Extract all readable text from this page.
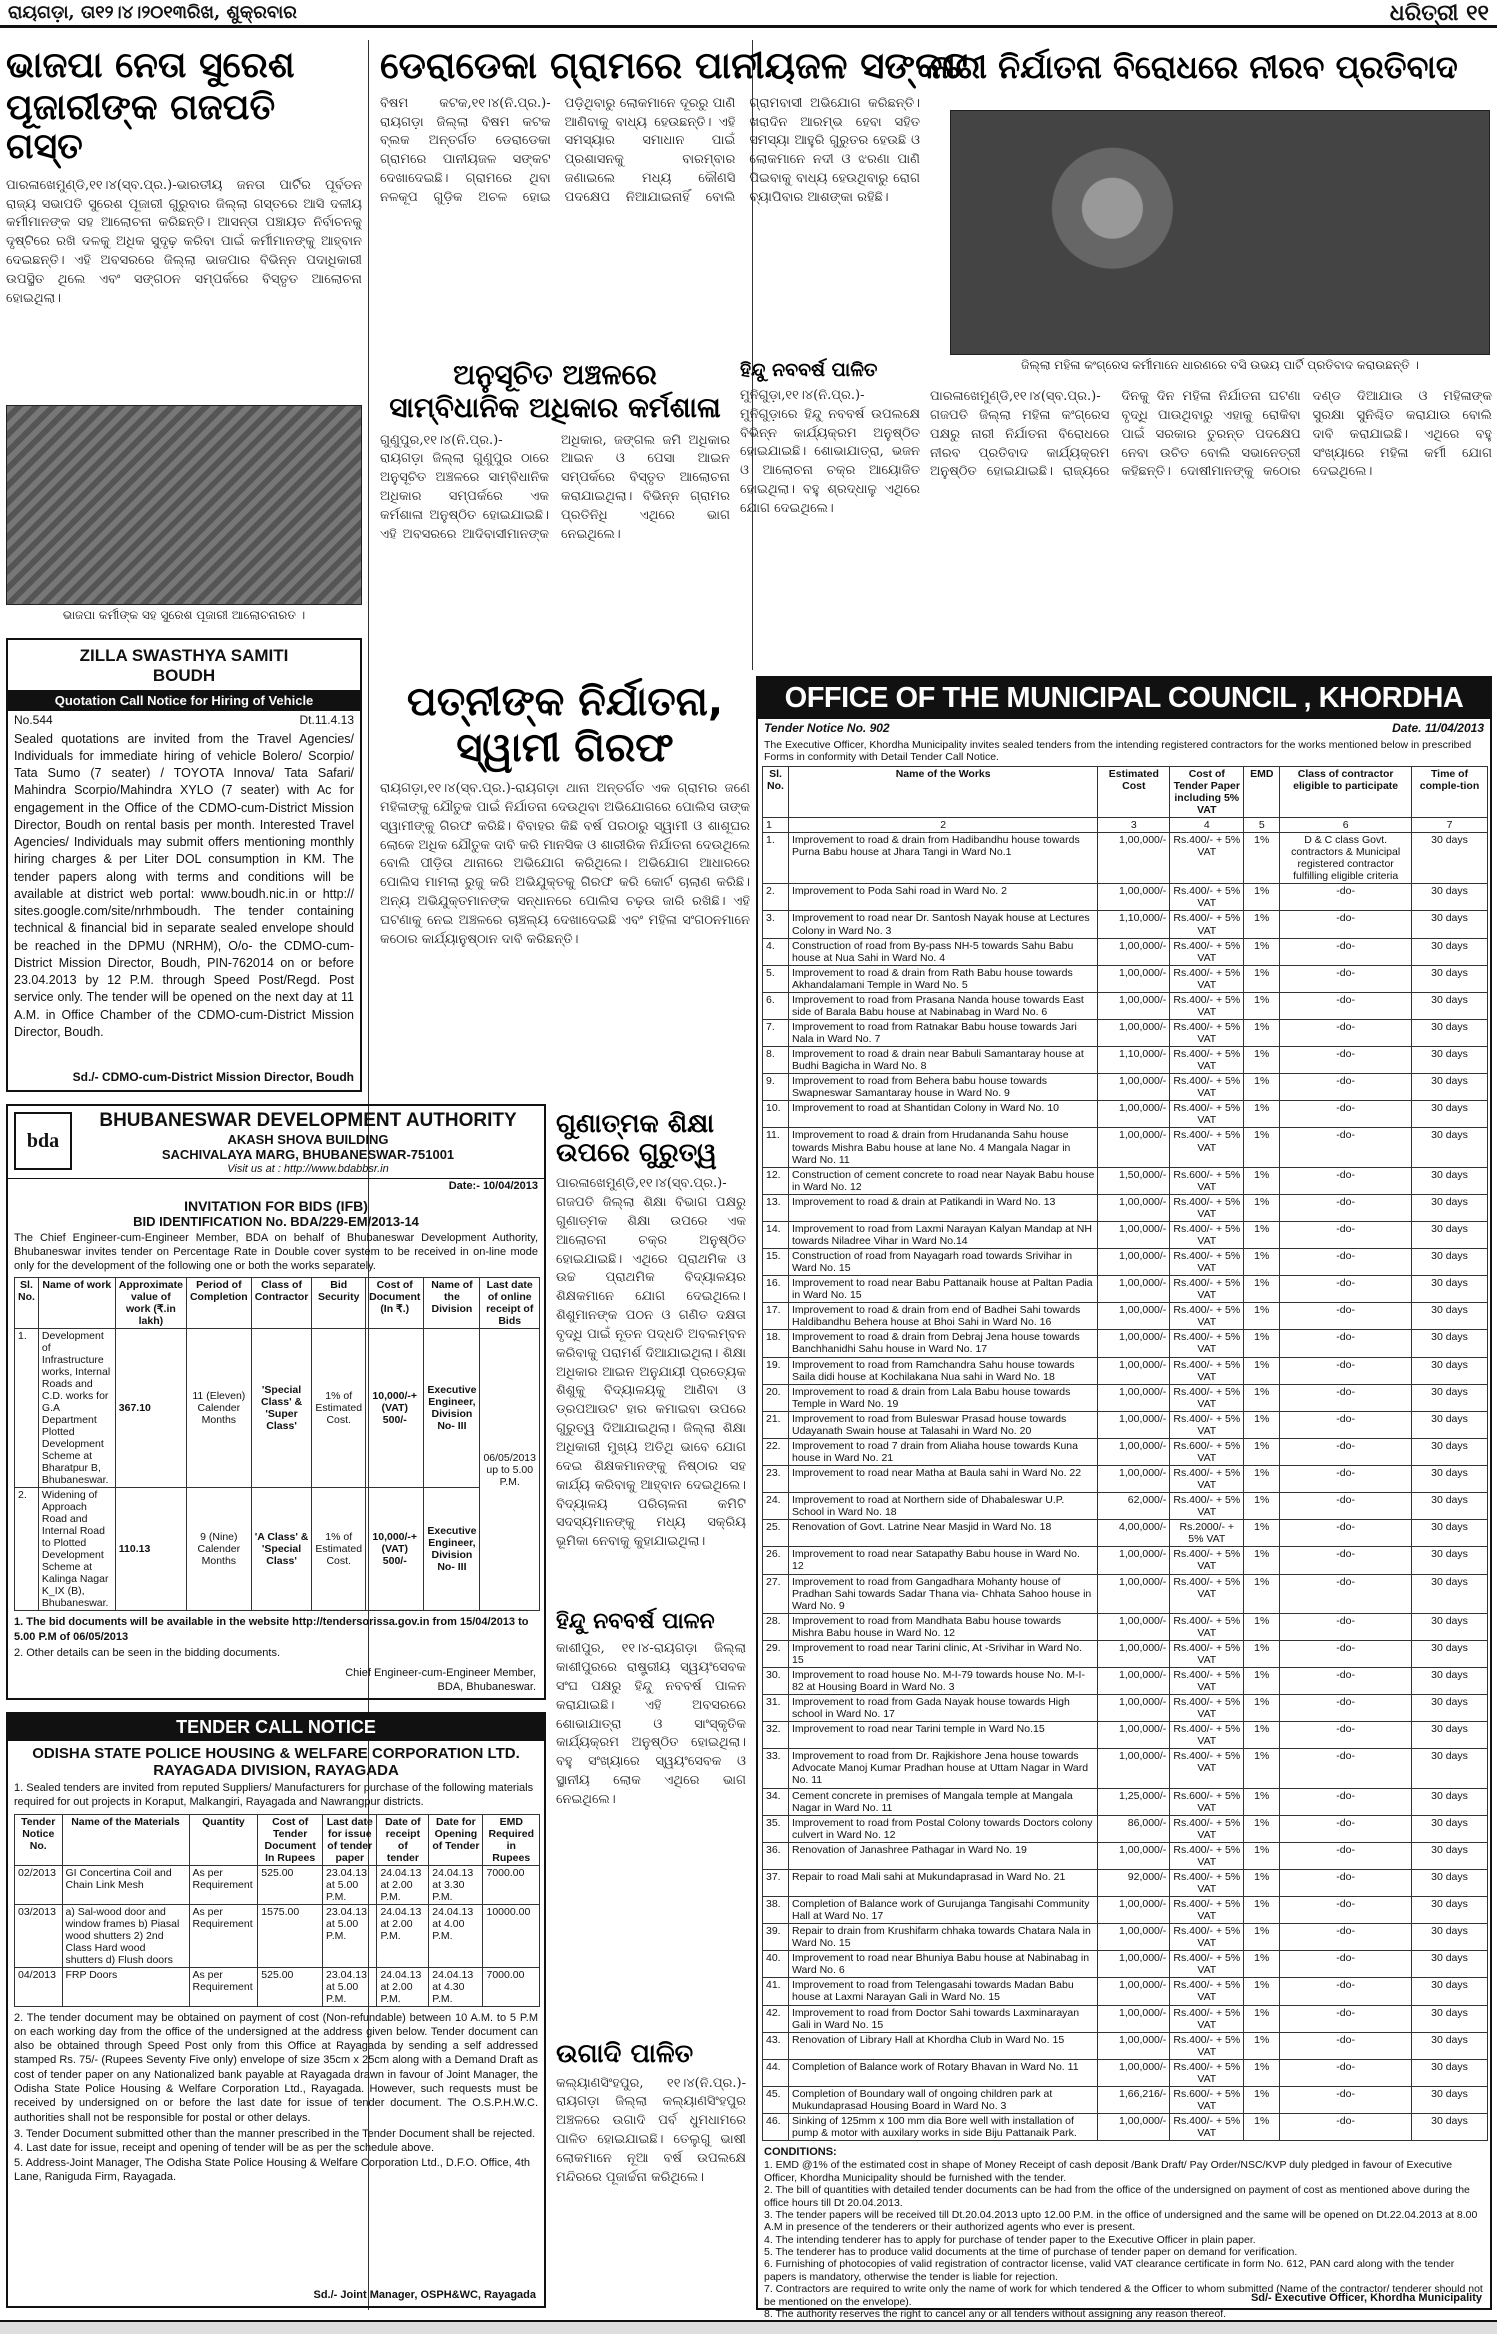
ରାୟଗଡ଼ା, ତା୧୨।୪।୨୦୧୩ରିଖ, ଶୁକ୍ରବାର	ଧରିତ୍ରୀ ୧୧
ଭାଜପା ନେତା ସୁରେଶ
ପୂଜାରୀଙ୍କ ଗଜପତି ଗସ୍ତ
ପାରଳାଖେମୁଣ୍ଡି,୧୧।୪(ସ୍ବ.ପ୍ର.)-ଭାରତୀୟ ଜନତା ପାର୍ଟିର ପୂର୍ବତନ ରାଜ୍ୟ ସଭାପତି ସୁରେଶ ପୂଜାରୀ ଗୁରୁବାର ଜିଲ୍ଲା ଗସ୍ତରେ ଆସି ଦଳୀୟ କର୍ମୀମାନଙ୍କ ସହ ଆଲୋଚନା କରିଛନ୍ତି। ଆସନ୍ତା ପଞ୍ଚାୟତ ନିର୍ବାଚନକୁ ଦୃଷ୍ଟିରେ ରଖି ଦଳକୁ ଅଧିକ ସୁଦୃଢ଼ କରିବା ପାଇଁ କର୍ମୀମାନଙ୍କୁ ଆହ୍ବାନ ଦେଇଛନ୍ତି। ଏହି ଅବସରରେ ଜିଲ୍ଲା ଭାଜପାର ବିଭିନ୍ନ ପଦାଧିକାରୀ ଉପସ୍ଥିତ ଥିଲେ ଏବଂ ସଙ୍ଗଠନ ସମ୍ପର୍କରେ ବିସ୍ତୃତ ଆଲୋଚନା ହୋଇଥିଲା।
ଭାଜପା କର୍ମୀଙ୍କ ସହ ସୁରେଶ ପୂଜାରୀ ଆଲୋଚନାରତ ।
ZILLA SWASTHYA SAMITI
BOUDH
Quotation Call Notice for Hiring of Vehicle
No.544	Dt.11.4.13
Sealed quotations are invited from the Travel Agencies/ Individuals for immediate hiring of vehicle Bolero/ Scorpio/ Tata Sumo (7 seater) / TOYOTA Innova/ Tata Safari/ Mahindra Scorpio/Mahindra XYLO (7 seater) with Ac for engagement in the Office of the CDMO-cum-District Mission Director, Boudh on rental basis per month. Interested Travel Agencies/ Individuals may submit offers mentioning monthly hiring charges & per Liter DOL consumption in KM. The tender papers along with terms and conditions will be available at district web portal: www.boudh.nic.in or http:// sites.google.com/site/nrhmboudh. The tender containing technical & financial bid in separate sealed envelope should be reached in the DPMU (NRHM), O/o- the CDMO-cum-District Mission Director, Boudh, PIN-762014 on or before 23.04.2013 by 12 P.M. through Speed Post/Regd. Post service only. The tender will be opened on the next day at 11 A.M. in Office Chamber of the CDMO-cum-District Mission Director, Boudh.
Sd./- CDMO-cum-District Mission Director, Boudh
bda
BHUBANESWAR DEVELOPMENT AUTHORITY
AKASH SHOVA BUILDING
SACHIVALAYA MARG, BHUBANESWAR-751001
Visit us at : http://www.bdabbsr.in
Date:- 10/04/2013
INVITATION FOR BIDS (IFB)
BID IDENTIFICATION No. BDA/229-EM/2013-14
The Chief Engineer-cum-Engineer Member, BDA on behalf of Bhubaneswar Development Authority, Bhubaneswar invites tender on Percentage Rate in Double cover system to be received in on-line mode only for the development of the following one or both the works separately.
Sl. No.	Name of work	Approximate value of work (₹.in lakh)	Period of Completion	Class of Contractor	Bid Security	Cost of Document (In ₹.)	Name of the Division	Last date of online receipt of Bids
1.	Development of Infrastructure works, Internal Roads and C.D. works for G.A Department Plotted Development Scheme at Bharatpur B, Bhubaneswar.	367.10	11 (Eleven) Calender Months	'Special Class' & 'Super Class'	1% of Estimated Cost.	10,000/-+ (VAT) 500/-	Executive Engineer, Division No- III	06/05/2013 up to 5.00 P.M.
2.	Widening of Approach Road and Internal Road to Plotted Development Scheme at Kalinga Nagar K_IX (B), Bhubaneswar.	110.13	9 (Nine) Calender Months	'A Class' & 'Special Class'	1% of Estimated Cost.	10,000/-+ (VAT) 500/-	Executive Engineer, Division No- III	
1. The bid documents will be available in the website http://tendersorissa.gov.in from 15/04/2013 to 5.00 P.M of 06/05/2013
2. Other details can be seen in the bidding documents.
Chief Engineer-cum-Engineer Member,
BDA, Bhubaneswar.
TENDER CALL NOTICE
ODISHA STATE POLICE HOUSING & WELFARE CORPORATION LTD.
RAYAGADA DIVISION, RAYAGADA
1. Sealed tenders are invited from reputed Suppliers/ Manufacturers for purchase of the following materials required for out projects in Koraput, Malkangiri, Rayagada and Nawrangpur districts.
Tender Notice No.	Name of the Materials	Quantity	Cost of Tender Document In Rupees	Last date for issue of tender paper	Date of receipt of tender	Date for Opening of Tender	EMD Required in Rupees
02/2013	GI Concertina Coil and Chain Link Mesh	As per Requirement	525.00	23.04.13 at 5.00 P.M.	24.04.13 at 2.00 P.M.	24.04.13 at 3.30 P.M.	7000.00
03/2013	a) Sal-wood door and window frames b) Piasal wood shutters 2) 2nd Class Hard wood shutters d) Flush doors	As per Requirement	1575.00	23.04.13 at 5.00 P.M.	24.04.13 at 2.00 P.M.	24.04.13 at 4.00 P.M.	10000.00
04/2013	FRP Doors	As per Requirement	525.00	23.04.13 at 5.00 P.M.	24.04.13 at 2.00 P.M.	24.04.13 at 4.30 P.M.	7000.00
2. The tender document may be obtained on payment of cost (Non-refundable) between 10 A.M. to 5 P.M on each working day from the office of the undersigned at the address given below. Tender document can also be obtained through Speed Post only from this Office at Rayagada by sending a self addressed stamped Rs. 75/- (Rupees Seventy Five only) envelope of size 35cm x 25cm along with a Demand Draft as cost of tender paper on any Nationalized bank payable at Rayagada drawn in favour of Joint Manager, the Odisha State Police Housing & Welfare Corporation Ltd., Rayagada. However, such requests must be received by undersigned on or before the last date for issue of tender document. The O.S.P.H.W.C. authorities shall not be responsible for postal or other delays.
3. Tender Document submitted other than the manner prescribed in the Tender Document shall be rejected.
4. Last date for issue, receipt and opening of tender will be as per the schedule above.
5. Address-Joint Manager, The Odisha State Police Housing & Welfare Corporation Ltd., D.F.O. Office, 4th Lane, Raniguda Firm, Rayagada.
Sd./- Joint Manager, OSPH&WC, Rayagada
ଡେରାଡେକା ଗ୍ରାମରେ ପାନୀୟଜଳ ସଙ୍କଟ
ବିଷମ କଟକ,୧୧।୪(ନି.ପ୍ର.)- ରାୟଗଡ଼ା ଜିଲ୍ଲା ବିଷମ କଟକ ବ୍ଲକ ଅନ୍ତର୍ଗତ ଡେରାଡେକା ଗ୍ରାମରେ ପାନୀୟଜଳ ସଙ୍କଟ ଦେଖାଦେଇଛି। ଗ୍ରାମରେ ଥିବା ନଳକୂପ ଗୁଡ଼ିକ ଅଚଳ ହୋଇ ପଡ଼ିଥିବାରୁ ଲୋକମାନେ ଦୂରରୁ ପାଣି ଆଣିବାକୁ ବାଧ୍ୟ ହେଉଛନ୍ତି। ଏହି ସମସ୍ୟାର ସମାଧାନ ପାଇଁ ପ୍ରଶାସନକୁ ବାରମ୍ବାର ଜଣାଇଲେ ମଧ୍ୟ କୌଣସି ପଦକ୍ଷେପ ନିଆଯାଇନାହିଁ ବୋଲି ଗ୍ରାମବାସୀ ଅଭିଯୋଗ କରିଛନ୍ତି। ଖରାଦିନ ଆରମ୍ଭ ହେବା ସହିତ ସମସ୍ୟା ଆହୁରି ଗୁରୁତର ହେଉଛି ଓ ଲୋକମାନେ ନଦୀ ଓ ଝରଣା ପାଣି ପିଇବାକୁ ବାଧ୍ୟ ହେଉଥିବାରୁ ରୋଗ ବ୍ୟାପିବାର ଆଶଙ୍କା ରହିଛି।
ଅନୁସୂଚିତ ଅଞ୍ଚଳରେ
ସାମ୍ବିଧାନିକ ଅଧିକାର କର୍ମଶାଳା
ଗୁଣୁପୁର,୧୧।୪(ନି.ପ୍ର.)- ରାୟଗଡ଼ା ଜିଲ୍ଲା ଗୁଣୁପୁର ଠାରେ ଅନୁସୂଚିତ ଅଞ୍ଚଳରେ ସାମ୍ବିଧାନିକ ଅଧିକାର ସମ୍ପର୍କରେ ଏକ କର୍ମଶାଳା ଅନୁଷ୍ଠିତ ହୋଇଯାଇଛି। ଏହି ଅବସରରେ ଆଦିବାସୀମାନଙ୍କ ଅଧିକାର, ଜଙ୍ଗଲ ଜମି ଅଧିକାର ଆଇନ ଓ ପେସା ଆଇନ ସମ୍ପର୍କରେ ବିସ୍ତୃତ ଆଲୋଚନା କରାଯାଇଥିଲା। ବିଭିନ୍ନ ଗ୍ରାମର ପ୍ରତିନିଧି ଏଥିରେ ଭାଗ ନେଇଥିଲେ।
ହିନ୍ଦୁ ନବବର୍ଷ ପାଳିତ
ମୁନିଗୁଡ଼ା,୧୧।୪(ନି.ପ୍ର.)- ମୁନିଗୁଡ଼ାରେ ହିନ୍ଦୁ ନବବର୍ଷ ଉପଲକ୍ଷେ ବିଭିନ୍ନ କାର୍ଯ୍ୟକ୍ରମ ଅନୁଷ୍ଠିତ ହୋଇଯାଇଛି। ଶୋଭାଯାତ୍ରା, ଭଜନ ଓ ଆଲୋଚନା ଚକ୍ର ଆୟୋଜିତ ହୋଇଥିଲା। ବହୁ ଶ୍ରଦ୍ଧାଳୁ ଏଥିରେ ଯୋଗ ଦେଇଥିଲେ।
ନାରୀ ନିର୍ଯାତନା ବିରୋଧରେ ନୀରବ ପ୍ରତିବାଦ
ଜିଲ୍ଲା ମହିଳା କଂଗ୍ରେସ କର୍ମୀମାନେ ଧାରଣରେ ବସି ଉଭୟ ପାର୍ଟି ପ୍ରତିବାଦ କରାଉଛନ୍ତି ।
ପାରଳାଖେମୁଣ୍ଡି,୧୧।୪(ସ୍ବ.ପ୍ର.)- ଗଜପତି ଜିଲ୍ଲା ମହିଳା କଂଗ୍ରେସ ପକ୍ଷରୁ ନାରୀ ନିର୍ଯାତନା ବିରୋଧରେ ନୀରବ ପ୍ରତିବାଦ କାର୍ଯ୍ୟକ୍ରମ ଅନୁଷ୍ଠିତ ହୋଇଯାଇଛି। ରାଜ୍ୟରେ ଦିନକୁ ଦିନ ମହିଳା ନିର୍ଯାତନା ଘଟଣା ବୃଦ୍ଧି ପାଉଥିବାରୁ ଏହାକୁ ରୋକିବା ପାଇଁ ସରକାର ତୁରନ୍ତ ପଦକ୍ଷେପ ନେବା ଉଚିତ ବୋଲି ସଭାନେତ୍ରୀ କହିଛନ୍ତି। ଦୋଷୀମାନଙ୍କୁ କଠୋର ଦଣ୍ଡ ଦିଆଯାଉ ଓ ମହିଳାଙ୍କ ସୁରକ୍ଷା ସୁନିଶ୍ଚିତ କରାଯାଉ ବୋଲି ଦାବି କରାଯାଇଛି। ଏଥିରେ ବହୁ ସଂଖ୍ୟାରେ ମହିଳା କର୍ମୀ ଯୋଗ ଦେଇଥିଲେ।
ପତ୍ନୀଙ୍କ ନିର୍ଯାତନା,
ସ୍ୱାମୀ ଗିରଫ
ରାୟଗଡ଼ା,୧୧।୪(ସ୍ବ.ପ୍ର.)-ରାୟଗଡ଼ା ଥାନା ଅନ୍ତର୍ଗତ ଏକ ଗ୍ରାମର ଜଣେ ମହିଳାଙ୍କୁ ଯୌତୁକ ପାଇଁ ନିର୍ଯାତନା ଦେଉଥିବା ଅଭିଯୋଗରେ ପୋଲିସ ତାଙ୍କ ସ୍ୱାମୀଙ୍କୁ ଗିରଫ କରିଛି। ବିବାହର କିଛି ବର୍ଷ ପରଠାରୁ ସ୍ୱାମୀ ଓ ଶାଶୂଘର ଲୋକେ ଅଧିକ ଯୌତୁକ ଦାବି କରି ମାନସିକ ଓ ଶାରୀରିକ ନିର୍ଯାତନା ଦେଉଥିଲେ ବୋଲି ପୀଡ଼ିତା ଥାନାରେ ଅଭିଯୋଗ କରିଥିଲେ। ଅଭିଯୋଗ ଆଧାରରେ ପୋଲିସ ମାମଲା ରୁଜୁ କରି ଅଭିଯୁକ୍ତକୁ ଗିରଫ କରି କୋର୍ଟ ଚାଲାଣ କରିଛି। ଅନ୍ୟ ଅଭିଯୁକ୍ତମାନଙ୍କ ସନ୍ଧାନରେ ପୋଲିସ ଚଢ଼ଉ ଜାରି ରଖିଛି। ଏହି ଘଟଣାକୁ ନେଇ ଅଞ୍ଚଳରେ ଚାଞ୍ଚଲ୍ୟ ଦେଖାଦେଇଛି ଏବଂ ମହିଳା ସଂଗଠନମାନେ କଠୋର କାର୍ଯ୍ୟାନୁଷ୍ଠାନ ଦାବି କରିଛନ୍ତି।
ଗୁଣାତ୍ମକ ଶିକ୍ଷା
ଉପରେ ଗୁରୁତ୍ୱ
ପାରଳାଖେମୁଣ୍ଡି,୧୧।୪(ସ୍ବ.ପ୍ର.)- ଗଜପତି ଜିଲ୍ଲା ଶିକ୍ଷା ବିଭାଗ ପକ୍ଷରୁ ଗୁଣାତ୍ମକ ଶିକ୍ଷା ଉପରେ ଏକ ଆଲୋଚନା ଚକ୍ର ଅନୁଷ୍ଠିତ ହୋଇଯାଇଛି। ଏଥିରେ ପ୍ରାଥମିକ ଓ ଉଚ୍ଚ ପ୍ରାଥମିକ ବିଦ୍ୟାଳୟର ଶିକ୍ଷକମାନେ ଯୋଗ ଦେଇଥିଲେ। ଶିଶୁମାନଙ୍କ ପଠନ ଓ ଗଣିତ ଦକ୍ଷତା ବୃଦ୍ଧି ପାଇଁ ନୂତନ ପଦ୍ଧତି ଅବଲମ୍ବନ କରିବାକୁ ପରାମର୍ଶ ଦିଆଯାଇଥିଲା। ଶିକ୍ଷା ଅଧିକାର ଆଇନ ଅନୁଯାୟୀ ପ୍ରତ୍ୟେକ ଶିଶୁକୁ ବିଦ୍ୟାଳୟକୁ ଆଣିବା ଓ ଡ୍ରପଆଉଟ ହାର କମାଇବା ଉପରେ ଗୁରୁତ୍ୱ ଦିଆଯାଇଥିଲା। ଜିଲ୍ଲା ଶିକ୍ଷା ଅଧିକାରୀ ମୁଖ୍ୟ ଅତିଥି ଭାବେ ଯୋଗ ଦେଇ ଶିକ୍ଷକମାନଙ୍କୁ ନିଷ୍ଠାର ସହ କାର୍ଯ୍ୟ କରିବାକୁ ଆହ୍ବାନ ଦେଇଥିଲେ। ବିଦ୍ୟାଳୟ ପରିଚାଳନା କମିଟି ସଦସ୍ୟମାନଙ୍କୁ ମଧ୍ୟ ସକ୍ରିୟ ଭୂମିକା ନେବାକୁ କୁହାଯାଇଥିଲା।
ହିନ୍ଦୁ ନବବର୍ଷ ପାଳନ
କାଶୀପୁର, ୧୧।୪-ରାୟଗଡ଼ା ଜିଲ୍ଲା କାଶୀପୁରରେ ରାଷ୍ଟ୍ରୀୟ ସ୍ୱୟଂସେବକ ସଂଘ ପକ୍ଷରୁ ହିନ୍ଦୁ ନବବର୍ଷ ପାଳନ କରାଯାଇଛି। ଏହି ଅବସରରେ ଶୋଭାଯାତ୍ରା ଓ ସାଂସ୍କୃତିକ କାର୍ଯ୍ୟକ୍ରମ ଅନୁଷ୍ଠିତ ହୋଇଥିଲା। ବହୁ ସଂଖ୍ୟାରେ ସ୍ୱୟଂସେବକ ଓ ସ୍ଥାନୀୟ ଲୋକ ଏଥିରେ ଭାଗ ନେଇଥିଲେ।
ଉଗାଦି ପାଳିତ
କଲ୍ୟାଣସିଂହପୁର, ୧୧।୪(ନି.ପ୍ର.)-ରାୟଗଡ଼ା ଜିଲ୍ଲା କଲ୍ୟାଣସିଂହପୁର ଅଞ୍ଚଳରେ ଉଗାଦି ପର୍ବ ଧୁମଧାମରେ ପାଳିତ ହୋଇଯାଇଛି। ତେଲୁଗୁ ଭାଷୀ ଲୋକମାନେ ନୂଆ ବର୍ଷ ଉପଲକ୍ଷେ ମନ୍ଦିରରେ ପୂଜାର୍ଚ୍ଚନା କରିଥିଲେ।
OFFICE OF THE MUNICIPAL COUNCIL , KHORDHA
Tender Notice No. 902	Date. 11/04/2013
The Executive Officer, Khordha Municipality invites sealed tenders from the intending registered contractors for the works mentioned below in prescribed Forms in conformity with Detail Tender Call Notice.
Sl. No.	Name of the Works	Estimated Cost	Cost of Tender Paper including 5% VAT	EMD	Class of contractor eligible to participate	Time of comple-tion
1	2	3	4	5	6	7
1.	Improvement to road & drain from Hadibandhu house towards Purna Babu house at Jhara Tangi in Ward No.1	1,00,000/-	Rs.400/- + 5% VAT	1%	D & C class Govt. contractors & Municipal registered contractor fulfilling eligible criteria	30 days
2.	Improvement to Poda Sahi road in Ward No. 2	1,00,000/-	Rs.400/- + 5% VAT	1%	-do-	30 days
3.	Improvement to road near Dr. Santosh Nayak house at Lectures Colony in Ward No. 3	1,10,000/-	Rs.400/- + 5% VAT	1%	-do-	30 days
4.	Construction of road from By-pass NH-5 towards Sahu Babu house at Nua Sahi in Ward No. 4	1,00,000/-	Rs.400/- + 5% VAT	1%	-do-	30 days
5.	Improvement to road & drain from Rath Babu house towards Akhandalamani Temple in Ward No. 5	1,00,000/-	Rs.400/- + 5% VAT	1%	-do-	30 days
6.	Improvement to road from Prasana Nanda house towards East side of Barala Babu house at Nabinabag in Ward No. 6	1,00,000/-	Rs.400/- + 5% VAT	1%	-do-	30 days
7.	Improvement to road from Ratnakar Babu house towards Jari Nala in Ward No. 7	1,00,000/-	Rs.400/- + 5% VAT	1%	-do-	30 days
8.	Improvement to road & drain near Babuli Samantaray house at Budhi Bagicha in Ward No. 8	1,10,000/-	Rs.400/- + 5% VAT	1%	-do-	30 days
9.	Improvement to road from Behera babu house towards Swapneswar Samantaray house in Ward No. 9	1,00,000/-	Rs.400/- + 5% VAT	1%	-do-	30 days
10.	Improvement to road at Shantidan Colony in Ward No. 10	1,00,000/-	Rs.400/- + 5% VAT	1%	-do-	30 days
11.	Improvement to road & drain from Hrudananda Sahu house towards Mishra Babu house at lane No. 4 Mangala Nagar in Ward No. 11	1,00,000/-	Rs.400/- + 5% VAT	1%	-do-	30 days
12.	Construction of cement concrete to road near Nayak Babu house in Ward No. 12	1,50,000/-	Rs.600/- + 5% VAT	1%	-do-	30 days
13.	Improvement to road & drain at Patikandi in Ward No. 13	1,00,000/-	Rs.400/- + 5% VAT	1%	-do-	30 days
14.	Improvement to road from Laxmi Narayan Kalyan Mandap at NH towards Niladree Vihar in Ward No.14	1,00,000/-	Rs.400/- + 5% VAT	1%	-do-	30 days
15.	Construction of road from Nayagarh road towards Srivihar in Ward No. 15	1,00,000/-	Rs.400/- + 5% VAT	1%	-do-	30 days
16.	Improvement to road near Babu Pattanaik house at Paltan Padia in Ward No. 15	1,00,000/-	Rs.400/- + 5% VAT	1%	-do-	30 days
17.	Improvement to road & drain from end of Badhei Sahi towards Haldibandhu Behera house at Bhoi Sahi in Ward No. 16	1,00,000/-	Rs.400/- + 5% VAT	1%	-do-	30 days
18.	Improvement to road & drain from Debraj Jena house towards Banchhanidhi Sahu house in Ward No. 17	1,00,000/-	Rs.400/- + 5% VAT	1%	-do-	30 days
19.	Improvement to road from Ramchandra Sahu house towards Saila didi house at Kochilakana Nua sahi in Ward No. 18	1,00,000/-	Rs.400/- + 5% VAT	1%	-do-	30 days
20.	Improvement to road & drain from Lala Babu house towards Temple in Ward No. 19	1,00,000/-	Rs.400/- + 5% VAT	1%	-do-	30 days
21.	Improvement to road from Buleswar Prasad house towards Udayanath Swain house at Talasahi in Ward No. 20	1,00,000/-	Rs.400/- + 5% VAT	1%	-do-	30 days
22.	Improvement to road 7 drain from Aliaha house towards Kuna house in Ward No. 21	1,00,000/-	Rs.600/- + 5% VAT	1%	-do-	30 days
23.	Improvement to road near Matha at Baula sahi in Ward No. 22	1,00,000/-	Rs.400/- + 5% VAT	1%	-do-	30 days
24.	Improvement to road at Northern side of Dhabaleswar U.P. School in Ward No. 18	62,000/-	Rs.400/- + 5% VAT	1%	-do-	30 days
25.	Renovation of Govt. Latrine Near Masjid in Ward No. 18	4,00,000/-	Rs.2000/- + 5% VAT	1%	-do-	30 days
26.	Improvement to road near Satapathy Babu house in Ward No. 12	1,00,000/-	Rs.400/- + 5% VAT	1%	-do-	30 days
27.	Improvement to road from Gangadhara Mohanty house of Pradhan Sahi towards Sadar Thana via- Chhata Sahoo house in Ward No. 9	1,00,000/-	Rs.400/- + 5% VAT	1%	-do-	30 days
28.	Improvement to road from Mandhata Babu house towards Mishra Babu house in Ward No. 12	1,00,000/-	Rs.400/- + 5% VAT	1%	-do-	30 days
29.	Improvement to road near Tarini clinic, At -Srivihar in Ward No. 15	1,00,000/-	Rs.400/- + 5% VAT	1%	-do-	30 days
30.	Improvement to road house No. M-I-79 towards house No. M-I-82 at Housing Board in Ward No. 3	1,00,000/-	Rs.400/- + 5% VAT	1%	-do-	30 days
31.	Improvement to road from Gada Nayak house towards High school in Ward No. 17	1,00,000/-	Rs.400/- + 5% VAT	1%	-do-	30 days
32.	Improvement to road near Tarini temple in Ward No.15	1,00,000/-	Rs.400/- + 5% VAT	1%	-do-	30 days
33.	Improvement to road from Dr. Rajkishore Jena house towards Advocate Manoj Kumar Pradhan house at Uttam Nagar in Ward No. 11	1,00,000/-	Rs.400/- + 5% VAT	1%	-do-	30 days
34.	Cement concrete in premises of Mangala temple at Mangala Nagar in Ward No. 11	1,25,000/-	Rs.600/- + 5% VAT	1%	-do-	30 days
35.	Improvement to road from Postal Colony towards Doctors colony culvert in Ward No. 12	86,000/-	Rs.400/- + 5% VAT	1%	-do-	30 days
36.	Renovation of Janashree Pathagar in Ward No. 19	1,00,000/-	Rs.400/- + 5% VAT	1%	-do-	30 days
37.	Repair to road Mali sahi at Mukundaprasad in Ward No. 21	92,000/-	Rs.400/- + 5% VAT	1%	-do-	30 days
38.	Completion of Balance work of Gurujanga Tangisahi Community Hall at Ward No. 17	1,00,000/-	Rs.400/- + 5% VAT	1%	-do-	30 days
39.	Repair to drain from Krushifarm chhaka towards Chatara Nala in Ward No. 15	1,00,000/-	Rs.400/- + 5% VAT	1%	-do-	30 days
40.	Improvement to road near Bhuniya Babu house at Nabinabag in Ward No. 6	1,00,000/-	Rs.400/- + 5% VAT	1%	-do-	30 days
41.	Improvement to road from Telengasahi towards Madan Babu house at Laxmi Narayan Gali in Ward No. 15	1,00,000/-	Rs.400/- + 5% VAT	1%	-do-	30 days
42.	Improvement to road from Doctor Sahi towards Laxminarayan Gali in Ward No. 15	1,00,000/-	Rs.400/- + 5% VAT	1%	-do-	30 days
43.	Renovation of Library Hall at Khordha Club in Ward No. 15	1,00,000/-	Rs.400/- + 5% VAT	1%	-do-	30 days
44.	Completion of Balance work of Rotary Bhavan in Ward No. 11	1,00,000/-	Rs.400/- + 5% VAT	1%	-do-	30 days
45.	Completion of Boundary wall of ongoing children park at Mukundaprasad Housing Board in Ward No. 3	1,66,216/-	Rs.600/- + 5% VAT	1%	-do-	30 days
46.	Sinking of 125mm x 100 mm dia Bore well with installation of pump & motor with auxilary works in side Biju Pattanaik Park.	1,00,000/-	Rs.400/- + 5% VAT	1%	-do-	30 days
CONDITIONS:
1. EMD @1% of the estimated cost in shape of Money Receipt of cash deposit /Bank Draft/ Pay Order/NSC/KVP duly pledged in favour of Executive Officer, Khordha Municipality should be furnished with the tender.
2. The bill of quantities with detailed tender documents can be had from the office of the undersigned on payment of cost as mentioned above during the office hours till Dt 20.04.2013.
3. The tender papers will be received till Dt.20.04.2013 upto 12.00 P.M. in the office of undersigned and the same will be opened on Dt.22.04.2013 at 8.00 A.M in presence of the tenderers or their authorized agents who ever is present.
4. The intending tenderer has to apply for purchase of tender paper to the Executive Officer in plain paper.
5. The tenderer has to produce valid documents at the time of purchase of tender paper on demand for verification.
6. Furnishing of photocopies of valid registration of contractor license, valid VAT clearance certificate in form No. 612, PAN card along with the tender papers is mandatory, otherwise the tender is liable for rejection.
7. Contractors are required to write only the name of work for which tendered & the Officer to whom submitted (Name of the contractor/ tenderer should not be mentioned on the envelope).
8. The authority reserves the right to cancel any or all tenders without assigning any reason thereof.
Sd/- Executive Officer, Khordha Municipality
